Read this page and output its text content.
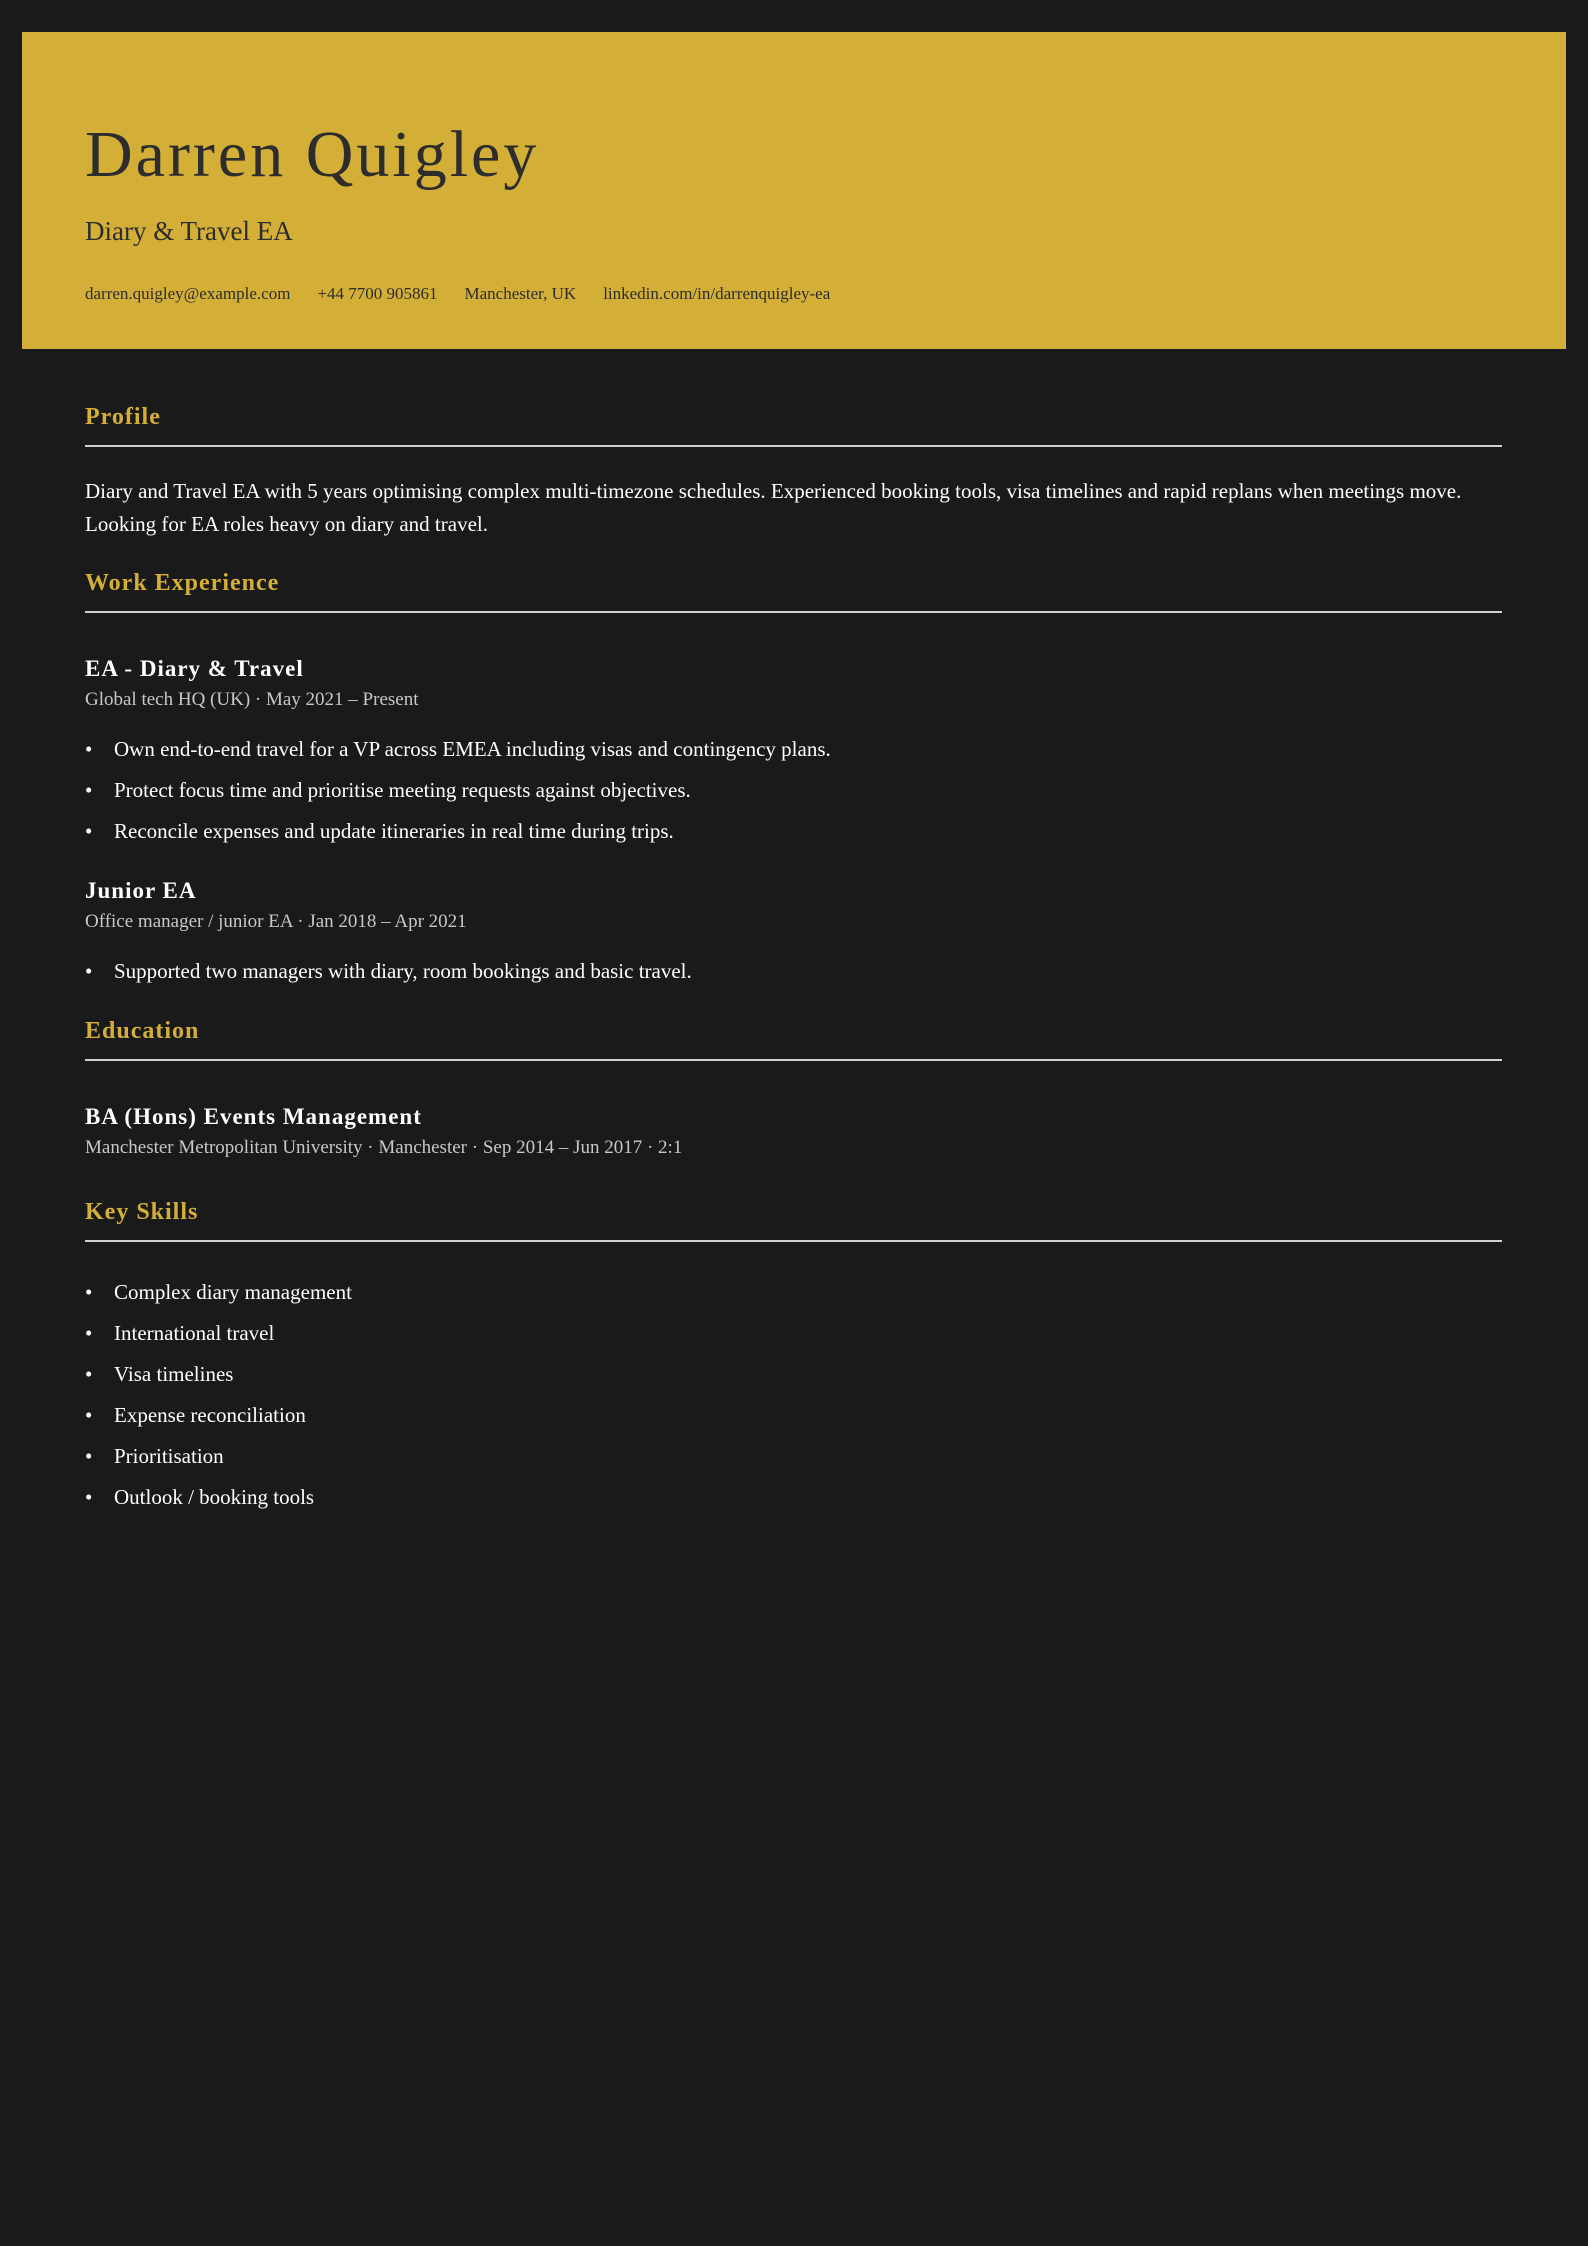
Darren Quigley
Diary & Travel EA
darren.quigley@example.com +44 7700 905861 Manchester, UK linkedin.com/in/darrenquigley-ea
Profile

Diary and Travel EA with 5 years optimising complex multi-timezone schedules. Experienced booking tools, visa timelines and rapid replans when meetings move. Looking for EA roles heavy on diary and travel.

Work Experience
EA - Diary & Travel
Global tech HQ (UK) · May 2021 – Present
• Own end-to-end travel for a VP across EMEA including visas and contingency plans.
• Protect focus time and prioritise meeting requests against objectives.
• Reconcile expenses and update itineraries in real time during trips.
Junior EA
Office manager / junior EA · Jan 2018 – Apr 2021
• Supported two managers with diary, room bookings and basic travel.
Education
BA (Hons) Events Management
Manchester Metropolitan University · Manchester · Sep 2014 – Jun 2017 · 2:1
Key Skills
• Complex diary management
• International travel
• Visa timelines
• Expense reconciliation
• Prioritisation
• Outlook / booking tools
